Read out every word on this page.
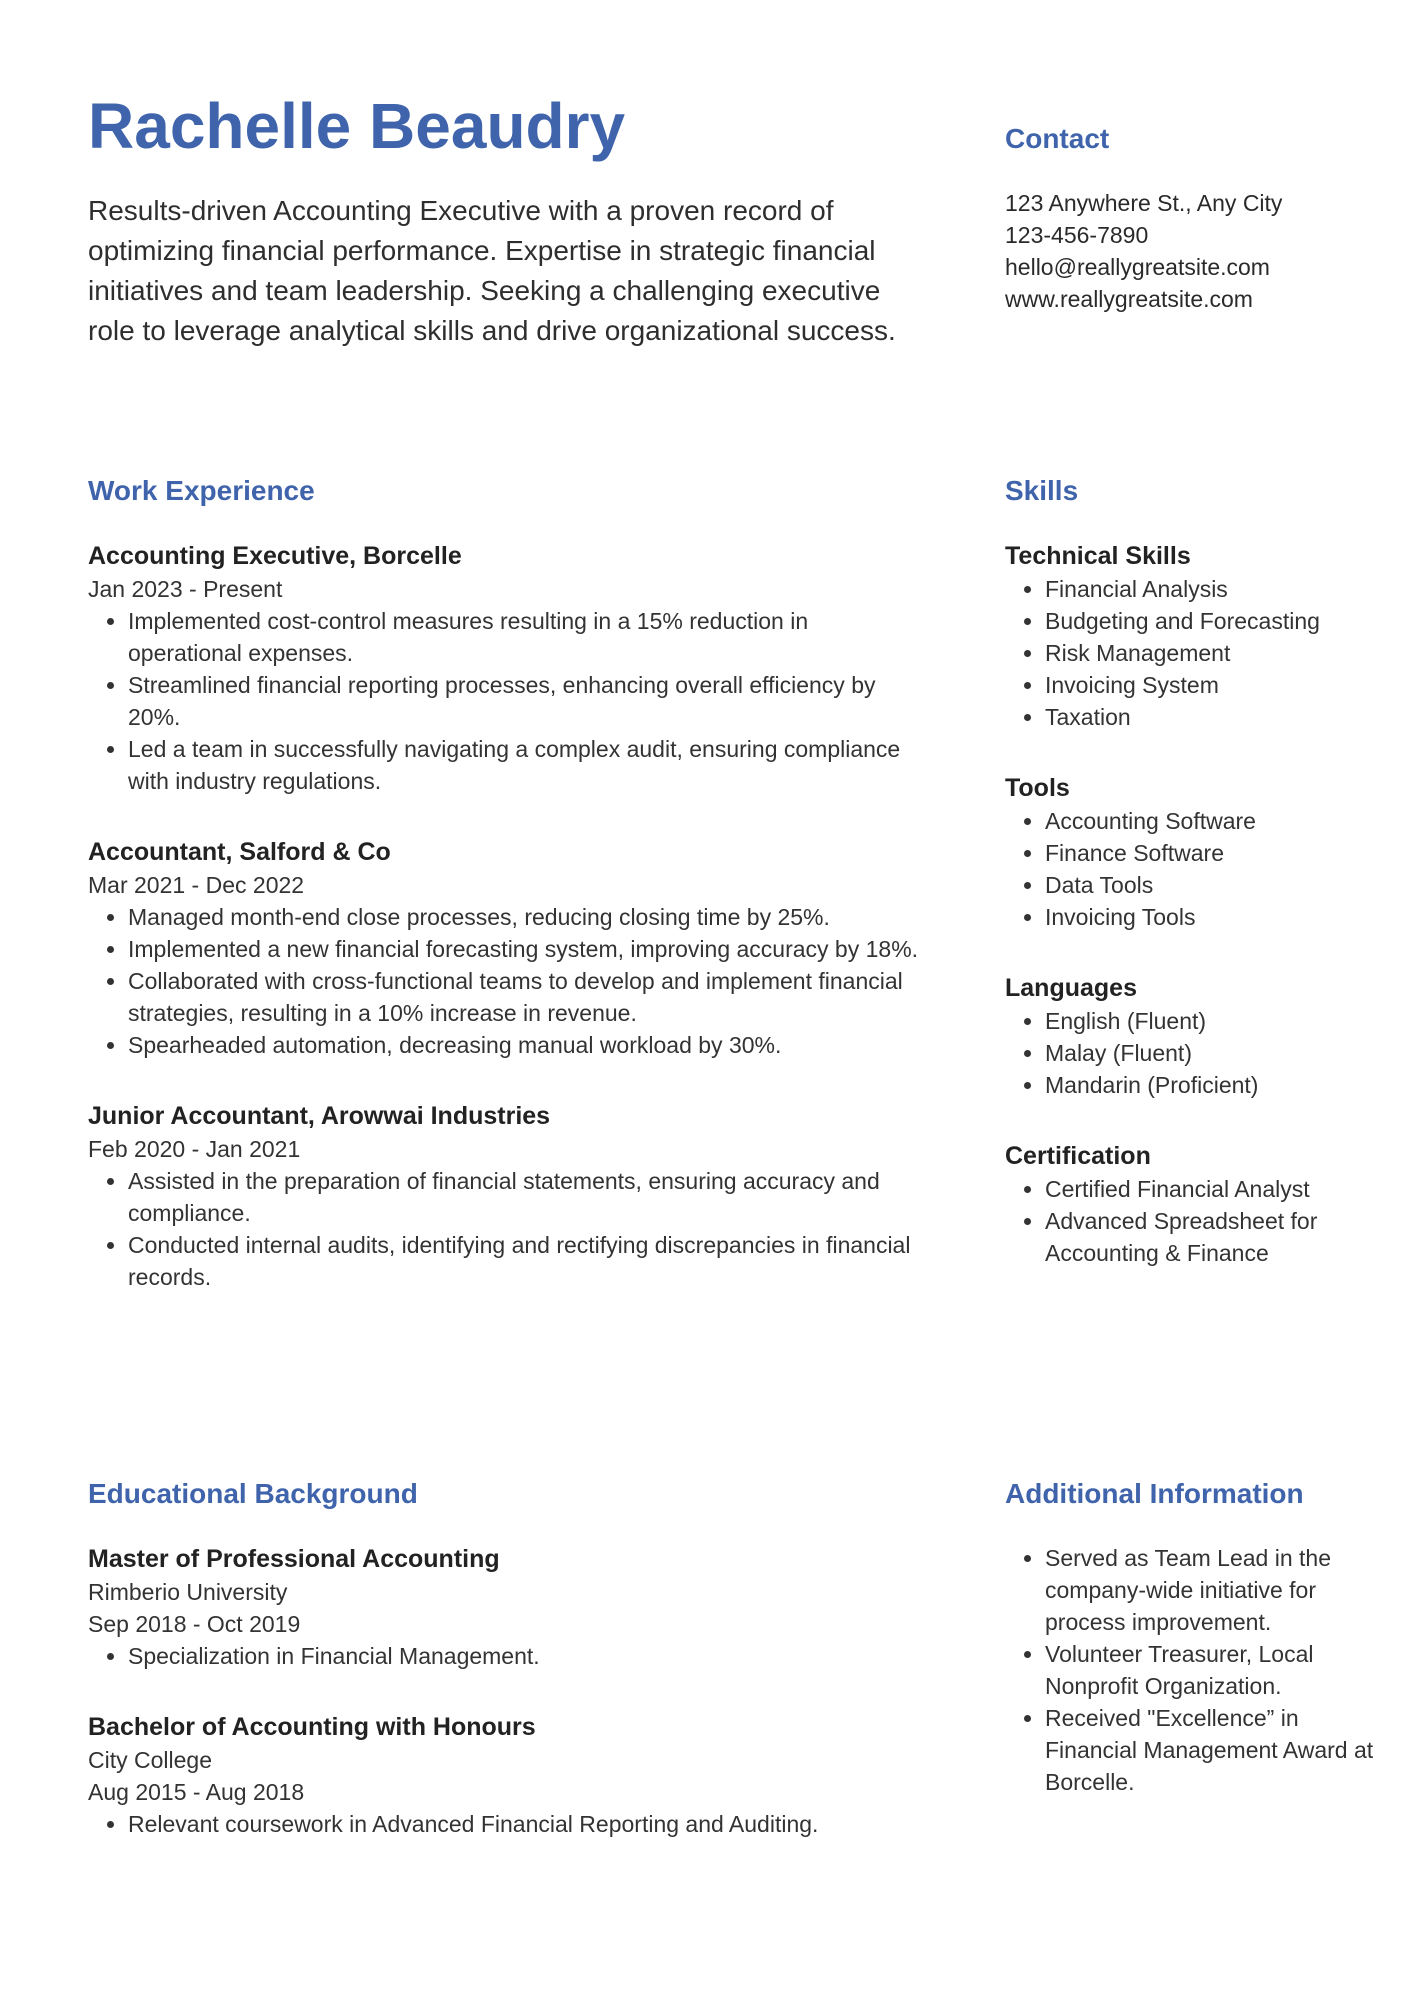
Rachelle Beaudry

Results-driven Accounting Executive with a proven record of optimizing financial performance. Expertise in strategic financial initiatives and team leadership. Seeking a challenging executive role to leverage analytical skills and drive organizational success.

Contact

123 Anywhere St., Any City

123-456-7890

hello@reallygreatsite.com

www.reallygreatsite.com

Work Experience

Accounting Executive, Borcelle

Jan 2023 - Present

• Implemented cost-control measures resulting in a 15% reduction in operational expenses.
• Streamlined financial reporting processes, enhancing overall efficiency by 20%.
• Led a team in successfully navigating a complex audit, ensuring compliance with industry regulations.

Accountant, Salford & Co

Mar 2021 - Dec 2022

• Managed month-end close processes, reducing closing time by 25%.
• Implemented a new financial forecasting system, improving accuracy by 18%.
• Collaborated with cross-functional teams to develop and implement financial strategies, resulting in a 10% increase in revenue.
• Spearheaded automation, decreasing manual workload by 30%.

Junior Accountant, Arowwai Industries

Feb 2020 - Jan 2021

• Assisted in the preparation of financial statements, ensuring accuracy and compliance.
• Conducted internal audits, identifying and rectifying discrepancies in financial records.
Skills

Technical Skills

• Financial Analysis
• Budgeting and Forecasting
• Risk Management
• Invoicing System
• Taxation

Tools

• Accounting Software
• Finance Software
• Data Tools
• Invoicing Tools

Languages

• English (Fluent)
• Malay (Fluent)
• Mandarin (Proficient)

Certification

• Certified Financial Analyst
• Advanced Spreadsheet for Accounting & Finance
Educational Background

Master of Professional Accounting

Rimberio University

Sep 2018 - Oct 2019

• Specialization in Financial Management.

Bachelor of Accounting with Honours

City College

Aug 2015 - Aug 2018

• Relevant coursework in Advanced Financial Reporting and Auditing.
Additional Information
• Served as Team Lead in the company-wide initiative for process improvement.
• Volunteer Treasurer, Local Nonprofit Organization.
• Received "Excellence” in Financial Management Award at Borcelle.
